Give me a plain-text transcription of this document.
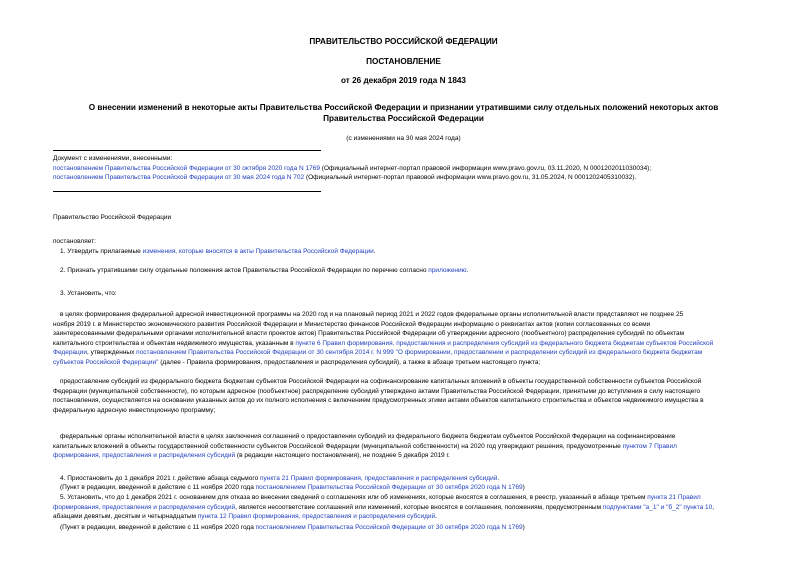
ПРАВИТЕЛЬСТВО РОССИЙСКОЙ ФЕДЕРАЦИИ
ПОСТАНОВЛЕНИЕ
от 26 декабря 2019 года N 1843
О внесении изменений в некоторые акты Правительства Российской Федерации и признании утратившими силу отдельных положений некоторых актов
Правительства Российской Федерации
(с изменениями на 30 мая 2024 года)
Документ с изменениями, внесенными:
постановлением Правительства Российской Федерации от 30 октября 2020 года N 1769 (Официальный интернет-портал правовой информации www.pravo.gov.ru, 03.11.2020, N 0001202011030034);
постановлением Правительства Российской Федерации от 30 мая 2024 года N 702 (Официальный интернет-портал правовой информации www.pravo.gov.ru, 31.05.2024, N 0001202405310032).
Правительство Российской Федерации
постановляет:
1. Утвердить прилагаемые изменения, которые вносятся в акты Правительства Российской Федерации.
2. Признать утратившими силу отдельные положения актов Правительства Российской Федерации по перечню согласно приложению.
3. Установить, что:
в целях формирования федеральной адресной инвестиционной программы на 2020 год и на плановый период 2021 и 2022 годов федеральные органы исполнительной власти представляют не позднее 25
ноября 2019 г. в Министерство экономического развития Российской Федерации и Министерство финансов Российской Федерации информацию о реквизитах актов (копии согласованных со всеми
заинтересованными федеральными органами исполнительной власти проектов актов) Правительства Российской Федерации об утверждении адресного (пообъектного) распределения субсидий по объектам
капитального строительства и объектам недвижимого имущества, указанным в пункте 6 Правил формирования, предоставления и распределения субсидий из федерального бюджета бюджетам субъектов Российской
Федерации, утвержденных постановлением Правительства Российской Федерации от 30 сентября 2014 г. N 999 "О формировании, предоставлении и распределении субсидий из федерального бюджета бюджетам
субъектов Российской Федерации" (далее - Правила формирования, предоставления и распределения субсидий), а также в абзаце третьем настоящего пункта;
предоставление субсидий из федерального бюджета бюджетам субъектов Российской Федерации на софинансирование капитальных вложений в объекты государственной собственности субъектов Российской
Федерации (муниципальной собственности), по которым адресное (пообъектное) распределение субсидий утверждено актами Правительства Российской Федерации, принятыми до вступления в силу настоящего
постановления, осуществляется на основании указанных актов до их полного исполнения с включением предусмотренных этими актами объектов капитального строительства и объектов недвижимого имущества в
федеральную адресную инвестиционную программу;
федеральные органы исполнительной власти в целях заключения соглашений о предоставлении субсидий из федерального бюджета бюджетам субъектов Российской Федерации на софинансирование
капитальных вложений в объекты государственной собственности субъектов Российской Федерации (муниципальной собственности) на 2020 год утверждают решения, предусмотренные пунктом 7 Правил
формирования, предоставления и распределения субсидий (в редакции настоящего постановления), не позднее 5 декабря 2019 г.
4. Приостановить до 1 декабря 2021 г. действие абзаца седьмого пункта 21 Правил формирования, предоставления и распределения субсидий.
(Пункт в редакции, введенной в действие с 11 ноября 2020 года постановлением Правительства Российской Федерации от 30 октября 2020 года N 1769)
5. Установить, что до 1 декабря 2021 г. основанием для отказа во внесении сведений о соглашениях или об изменениях, которые вносятся в соглашения, в реестр, указанный в абзаце третьем пункта 21 Правил
формирования, предоставления и распределения субсидий, является несоответствие соглашений или изменений, которые вносятся в соглашения, положениям, предусмотренным подпунктами "а_1" и "б_2" пункта 10,
абзацами девятым, десятым и четырнадцатым пункта 12 Правил формирования, предоставления и распределения субсидий.
(Пункт в редакции, введенной в действие с 11 ноября 2020 года постановлением Правительства Российской Федерации от 30 октября 2020 года N 1769)
